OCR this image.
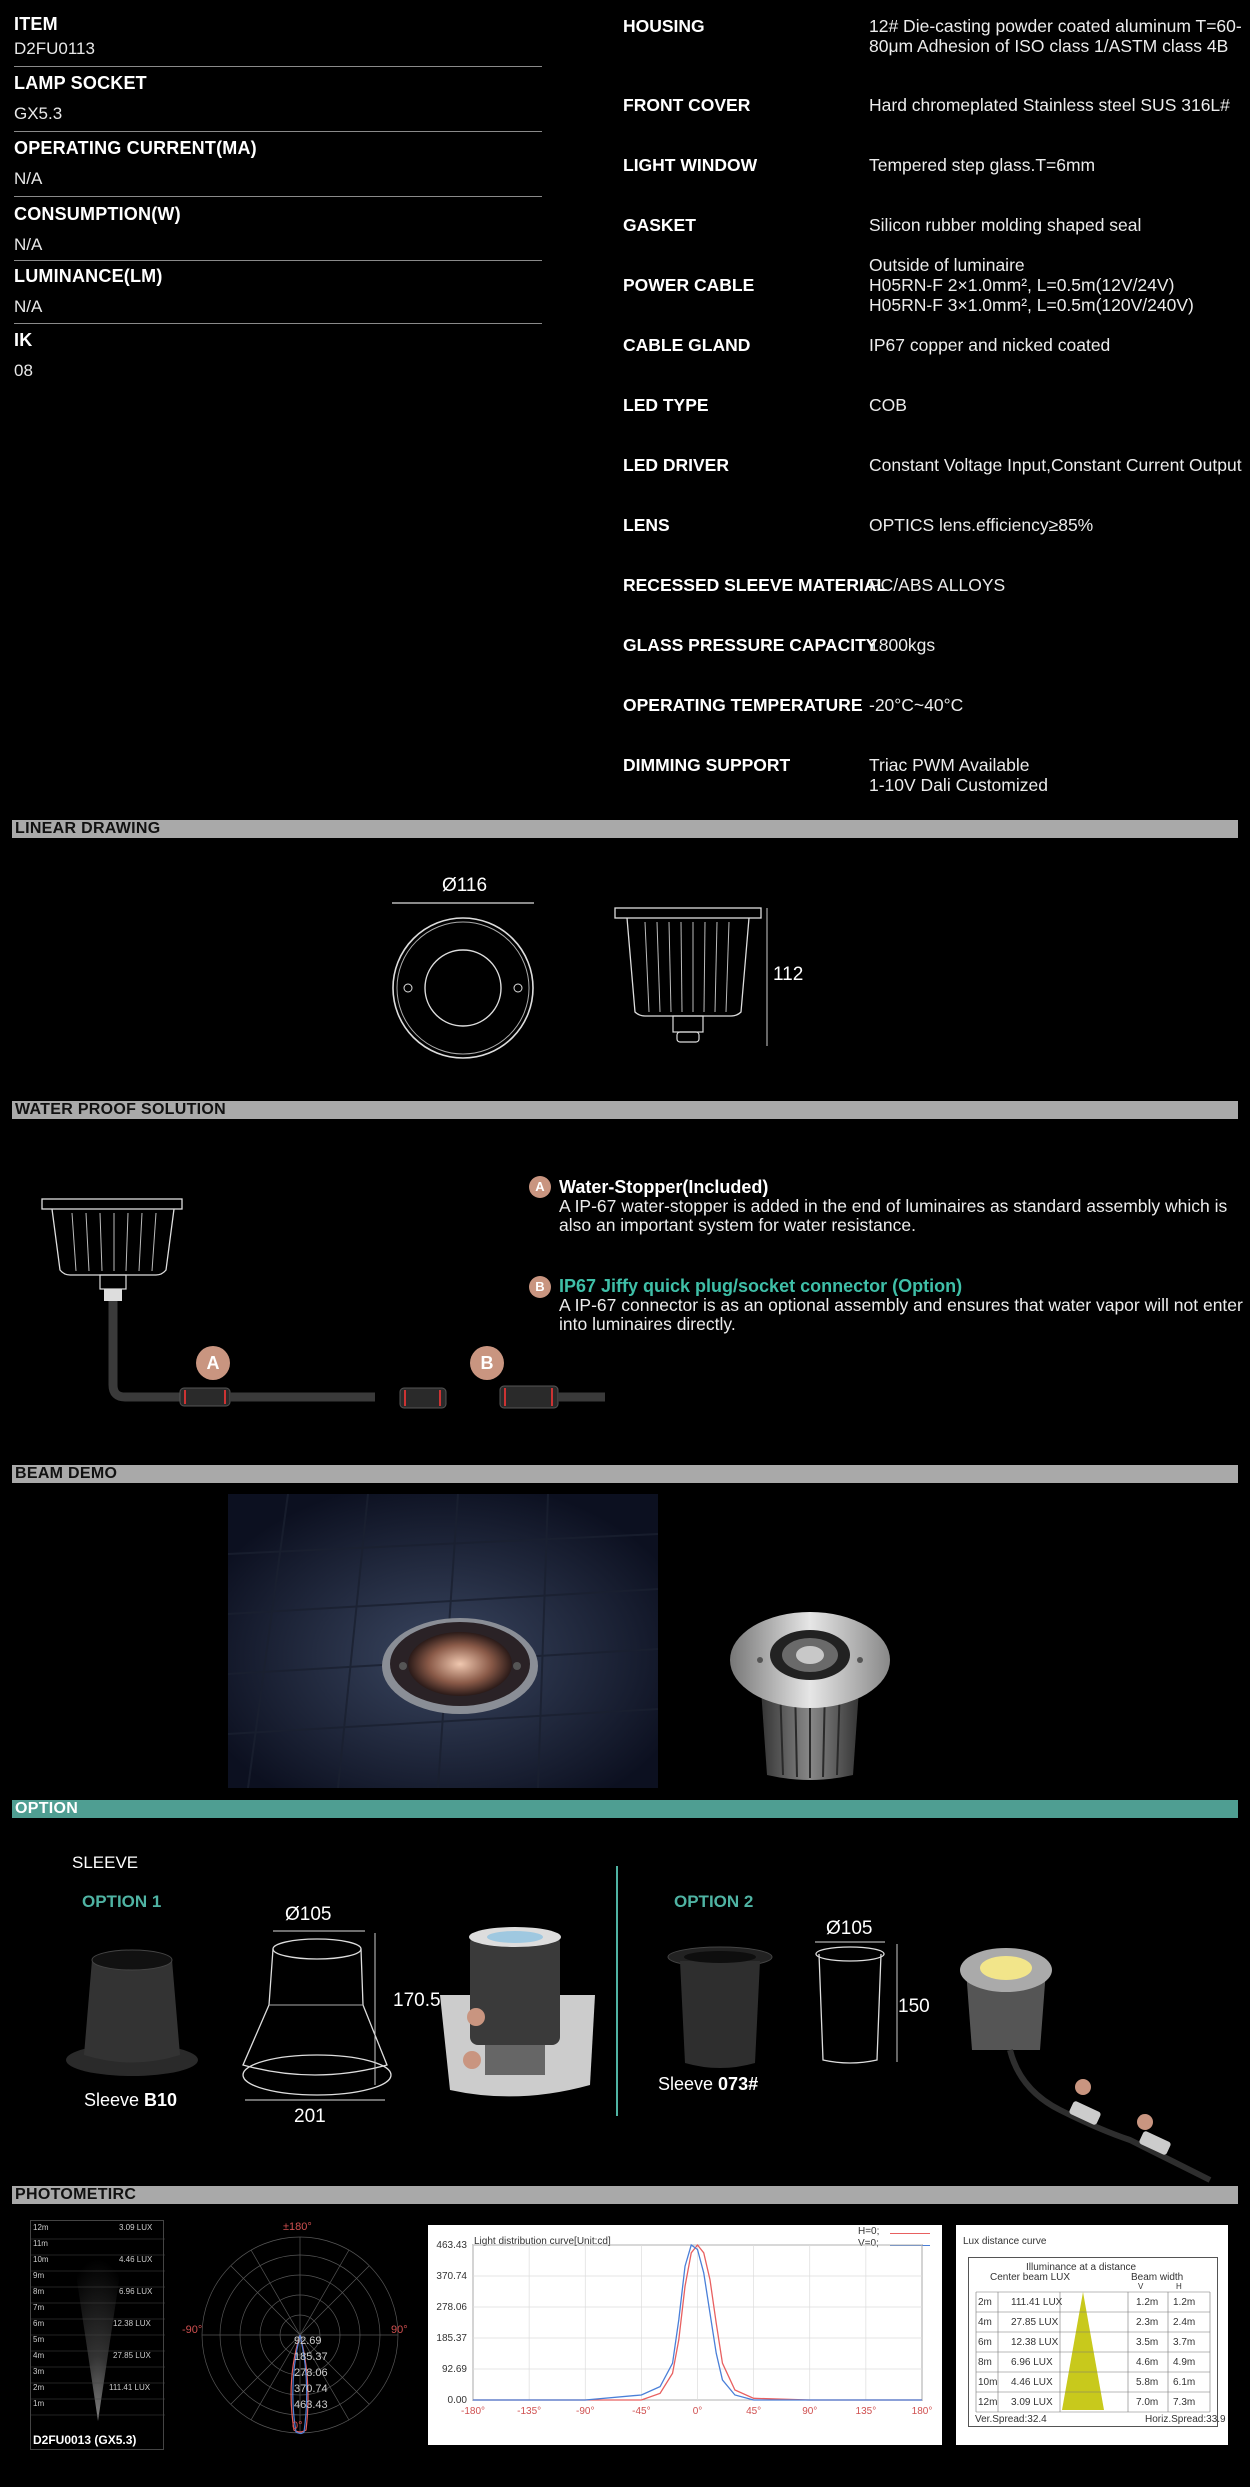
ITEM
D2FU0113
LAMP SOCKET
GX5.3
OPERATING CURRENT(MA)
N/A
CONSUMPTION(W)
N/A
LUMINANCE(LM)
N/A
IK
08
HOUSING	12# Die-casting powder coated aluminum T=60-80μm Adhesion of ISO class 1/ASTM class 4B
FRONT COVER	Hard chromeplated Stainless steel SUS 316L#
LIGHT WINDOW	Tempered step glass.T=6mm
GASKET	Silicon rubber molding shaped seal
POWER CABLE
Outside of luminaire
H05RN-F 2×1.0mm², L=0.5m(12V/24V)
H05RN-F 3×1.0mm², L=0.5m(120V/240V)
CABLE GLAND	IP67 copper and nicked coated
LED TYPE	COB
LED DRIVER	Constant Voltage Input,Constant Current Output
LENS	OPTICS lens.efficiency≥85%
RECESSED SLEEVE MATERIAL
PC/ABS ALLOYS
GLASS PRESSURE CAPACITY
1800kgs
OPERATING TEMPERATURE -20°C~40°C
DIMMING SUPPORT	Triac PWM Available
1-10V Dali Customized
LINEAR DRAWING
Ø116
112
WATER PROOF SOLUTION
A	B
A Water-Stopper(Included)
A IP-67 water-stopper is added in the end of luminaires as standard assembly which is also an important system for water resistance.
B IP67 Jiffy quick plug/socket connector (Option)
A IP-67 connector is as an optional assembly and ensures that water vapor will not enter into luminaires directly.
BEAM DEMO
OPTION
SLEEVE
OPTION 1	OPTION 2
Sleeve B10
Ø105
170.5
201
Sleeve 073#
Ø105
150
PHOTOMETIRC
12m
11m
10m
9m
8m
7m
6m
5m
4m
3m
2m
1m
3.09 LUX
4.46 LUX
6.96 LUX
12.38 LUX
27.85 LUX
111.41 LUX
D2FU0013 (GX5.3)
±180°
-90°	90°
0°
92.69
185.37
278.06
370.74
463.43
Light distribution curve[Unit:cd]
H=0;
V=0;
-180°	-135°	-90°	-45°	0°	45°	90°	135°	180°
0.00
92.69
185.37
278.06
370.74
463.43	Lux distance curve
Illuminance at a distance
Center beam LUX	Beam width
V	H
2m 111.41 LUX	1.2m 1.2m
4m 27.85 LUX	2.3m 2.4m
6m 12.38 LUX	3.5m 3.7m
8m 6.96 LUX	4.6m 4.9m
10m 4.46 LUX	5.8m 6.1m
12m 3.09 LUX	7.0m 7.3m
Ver.Spread:32.4	Horiz.Spread:33.9
